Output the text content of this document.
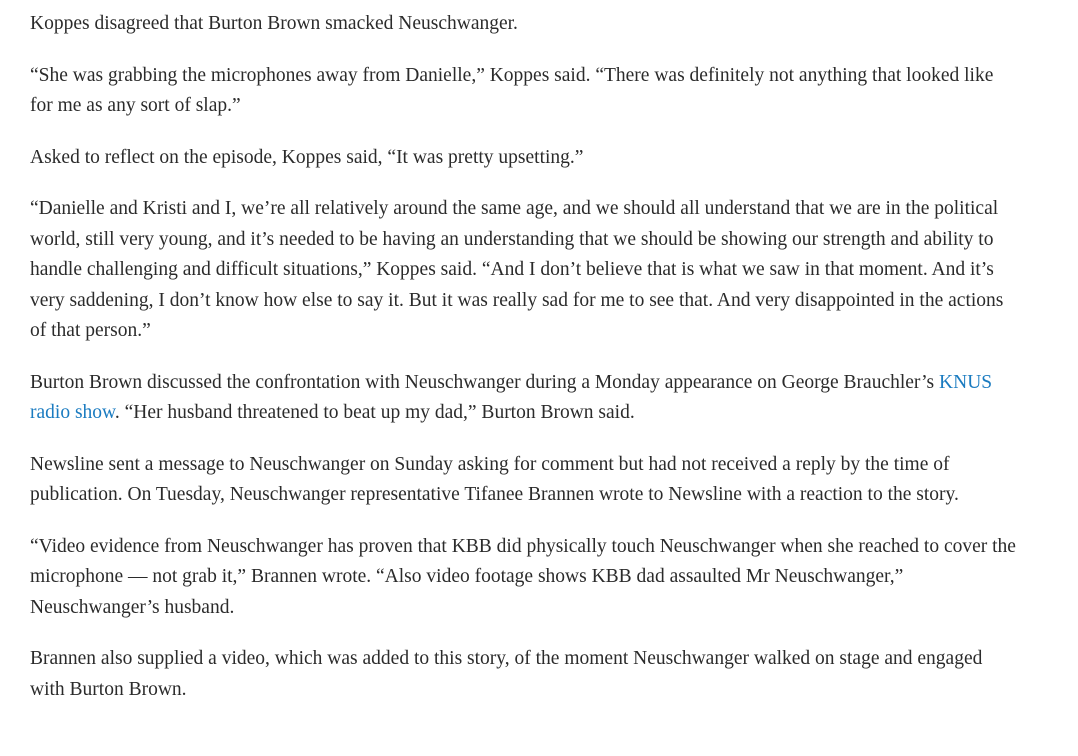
Koppes disagreed that Burton Brown smacked Neuschwanger.

“She was grabbing the microphones away from Danielle,” Koppes said. “There was definitely not anything that looked like for me as any sort of slap.”

Asked to reflect on the episode, Koppes said, “It was pretty upsetting.”

“Danielle and Kristi and I, we’re all relatively around the same age, and we should all understand that we are in the political world, still very young, and it’s needed to be having an understanding that we should be showing our strength and ability to handle challenging and difficult situations,” Koppes said. “And I don’t believe that is what we saw in that moment. And it’s very saddening, I don’t know how else to say it. But it was really sad for me to see that. And very disappointed in the actions of that person.”

Burton Brown discussed the confrontation with Neuschwanger during a Monday appearance on George Brauchler’s KNUS radio show. “Her husband threatened to beat up my dad,” Burton Brown said.

Newsline sent a message to Neuschwanger on Sunday asking for comment but had not received a reply by the time of publication. On Tuesday, Neuschwanger representative Tifanee Brannen wrote to Newsline with a reaction to the story.

“Video evidence from Neuschwanger has proven that KBB did physically touch Neuschwanger when she reached to cover the microphone — not grab it,” Brannen wrote. “Also video footage shows KBB dad assaulted Mr Neuschwanger,” Neuschwanger’s husband.

Brannen also supplied a video, which was added to this story, of the moment Neuschwanger walked on stage and engaged with Burton Brown.
